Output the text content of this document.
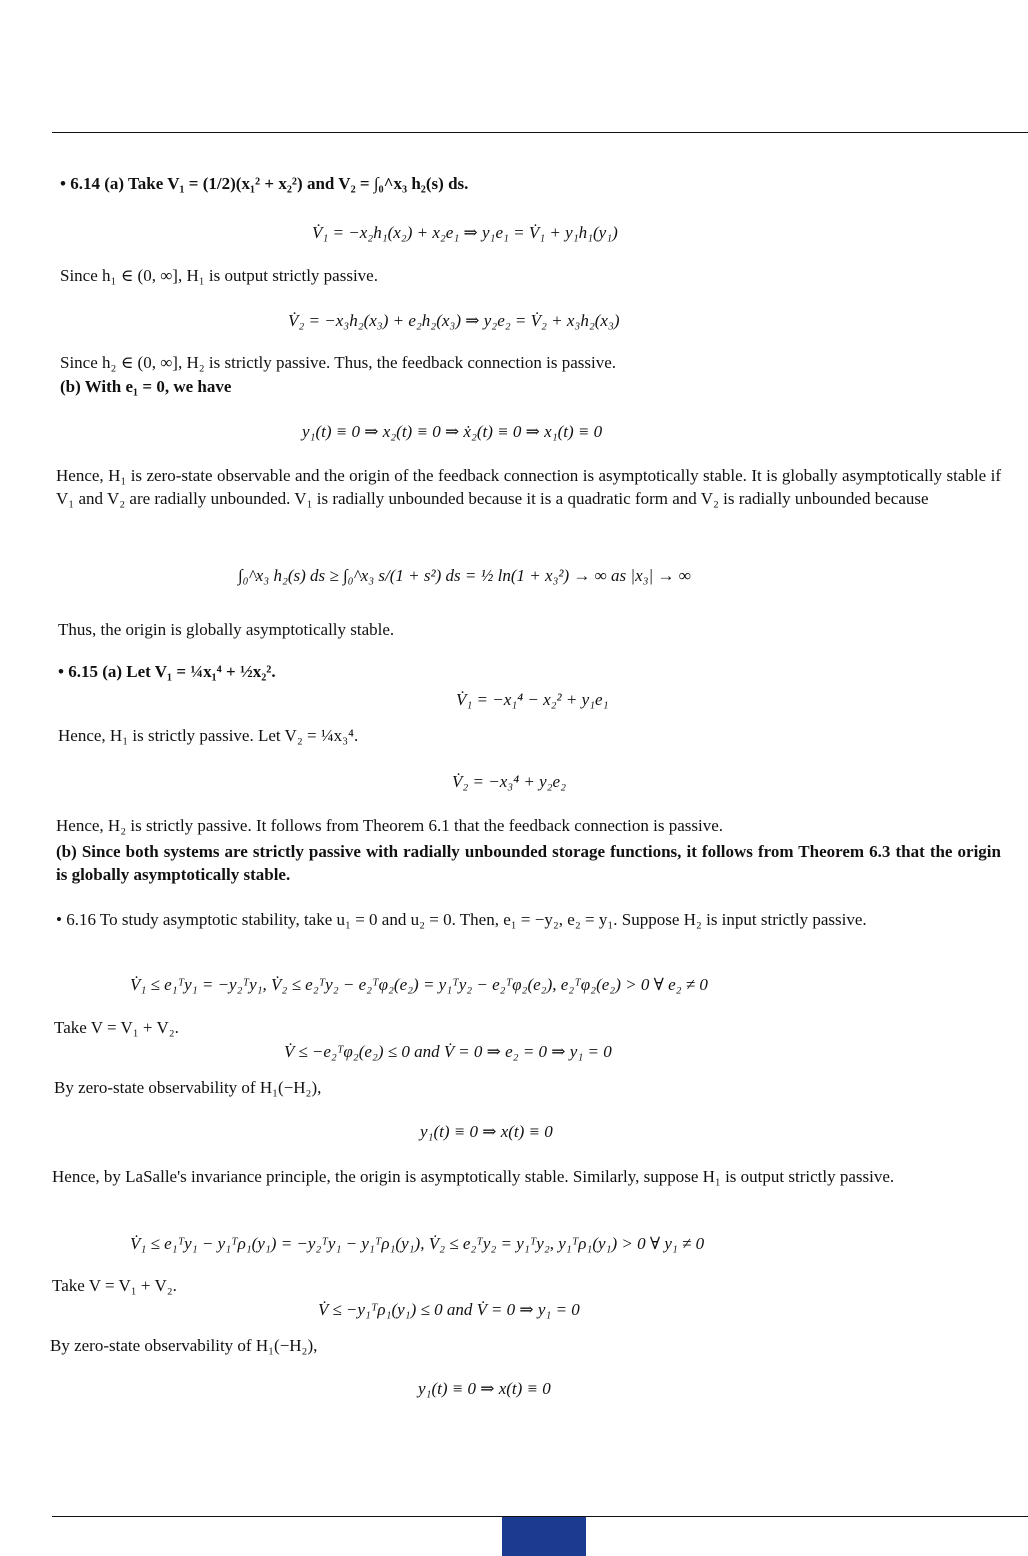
• 6.14 (a) Take V₁ = (1/2)(x₁² + x₂²) and V₂ = ∫₀^x₃ h₂(s) ds.
V̇₁ = −x₂h₁(x₂) + x₂e₁ ⇒ y₁e₁ = V̇₁ + y₁h₁(y₁)
Since h₁ ∈ (0, ∞], H₁ is output strictly passive.
V̇₂ = −x₃h₂(x₃) + e₂h₂(x₃) ⇒ y₂e₂ = V̇₂ + x₃h₂(x₃)
Since h₂ ∈ (0, ∞], H₂ is strictly passive. Thus, the feedback connection is passive.
(b) With e₁ = 0, we have
y₁(t) ≡ 0 ⇒ x₂(t) ≡ 0 ⇒ ẋ₂(t) ≡ 0 ⇒ x₁(t) ≡ 0
Hence, H₁ is zero-state observable and the origin of the feedback connection is asymptotically stable. It is globally asymptotically stable if V₁ and V₂ are radially unbounded. V₁ is radially unbounded because it is a quadratic form and V₂ is radially unbounded because
∫₀^x₃ h₂(s) ds ≥ ∫₀^x₃ s/(1 + s²) ds = ½ ln(1 + x₃²) → ∞ as |x₃| → ∞
Thus, the origin is globally asymptotically stable.
• 6.15 (a) Let V₁ = ¼x₁⁴ + ½x₂².
V̇₁ = −x₁⁴ − x₂² + y₁e₁
Hence, H₁ is strictly passive. Let V₂ = ¼x₃⁴.
V̇₂ = −x₃⁴ + y₂e₂
Hence, H₂ is strictly passive. It follows from Theorem 6.1 that the feedback connection is passive.
(b) Since both systems are strictly passive with radially unbounded storage functions, it follows from Theorem 6.3 that the origin is globally asymptotically stable.
• 6.16 To study asymptotic stability, take u₁ = 0 and u₂ = 0. Then, e₁ = −y₂, e₂ = y₁. Suppose H₂ is input strictly passive.
V̇₁ ≤ e₁ᵀy₁ = −y₂ᵀy₁, V̇₂ ≤ e₂ᵀy₂ − e₂ᵀφ₂(e₂) = y₁ᵀy₂ − e₂ᵀφ₂(e₂), e₂ᵀφ₂(e₂) > 0 ∀ e₂ ≠ 0
Take V = V₁ + V₂.
V̇ ≤ −e₂ᵀφ₂(e₂) ≤ 0 and V̇ = 0 ⇒ e₂ = 0 ⇒ y₁ = 0
By zero-state observability of H₁(−H₂),
y₁(t) ≡ 0 ⇒ x(t) ≡ 0
Hence, by LaSalle's invariance principle, the origin is asymptotically stable. Similarly, suppose H₁ is output strictly passive.
V̇₁ ≤ e₁ᵀy₁ − y₁ᵀρ₁(y₁) = −y₂ᵀy₁ − y₁ᵀρ₁(y₁), V̇₂ ≤ e₂ᵀy₂ = y₁ᵀy₂, y₁ᵀρ₁(y₁) > 0 ∀ y₁ ≠ 0
Take V = V₁ + V₂.
V̇ ≤ −y₁ᵀρ₁(y₁) ≤ 0 and V̇ = 0 ⇒ y₁ = 0
By zero-state observability of H₁(−H₂),
y₁(t) ≡ 0 ⇒ x(t) ≡ 0
